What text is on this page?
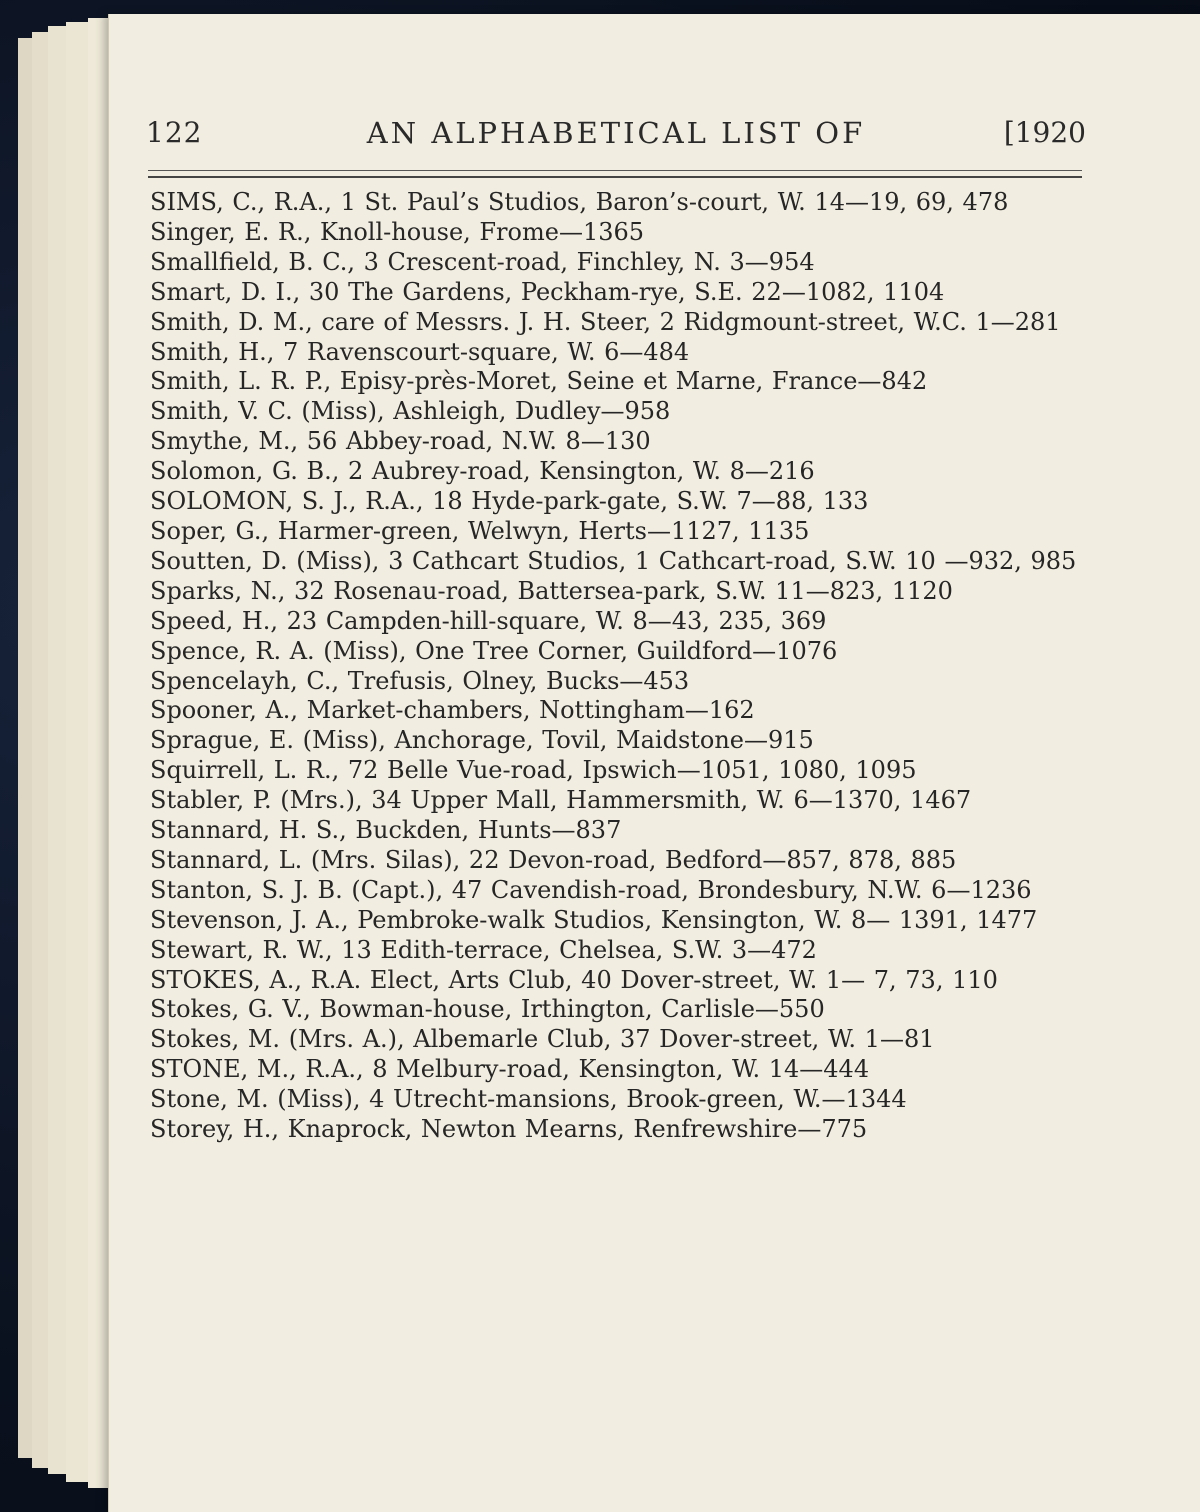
122	AN ALPHABETICAL LIST OF	[1920
SIMS, C., R.A., 1 St. Paul’s Studios, Baron’s-court, W. 14—19, 69, 478
Singer, E. R., Knoll-house, Frome—1365
Smallfield, B. C., 3 Crescent-road, Finchley, N. 3—954
Smart, D. I., 30 The Gardens, Peckham-rye, S.E. 22—1082, 1104
Smith, D. M., care of Messrs. J. H. Steer, 2 Ridgmount-street, W.C. 1—281
Smith, H., 7 Ravenscourt-square, W. 6—484
Smith, L. R. P., Episy-près-Moret, Seine et Marne, France—842
Smith, V. C. (Miss), Ashleigh, Dudley—958
Smythe, M., 56 Abbey-road, N.W. 8—130
Solomon, G. B., 2 Aubrey-road, Kensington, W. 8—216
SOLOMON, S. J., R.A., 18 Hyde-park-gate, S.W. 7—88, 133
Soper, G., Harmer-green, Welwyn, Herts—1127, 1135
Soutten, D. (Miss), 3 Cathcart Studios, 1 Cathcart-road, S.W. 10 —932, 985
Sparks, N., 32 Rosenau-road, Battersea-park, S.W. 11—823, 1120
Speed, H., 23 Campden-hill-square, W. 8—43, 235, 369
Spence, R. A. (Miss), One Tree Corner, Guildford—1076
Spencelayh, C., Trefusis, Olney, Bucks—453
Spooner, A., Market-chambers, Nottingham—162
Sprague, E. (Miss), Anchorage, Tovil, Maidstone—915
Squirrell, L. R., 72 Belle Vue-road, Ipswich—1051, 1080, 1095
Stabler, P. (Mrs.), 34 Upper Mall, Hammersmith, W. 6—1370, 1467
Stannard, H. S., Buckden, Hunts—837
Stannard, L. (Mrs. Silas), 22 Devon-road, Bedford—857, 878, 885
Stanton, S. J. B. (Capt.), 47 Cavendish-road, Brondesbury, N.W. 6—1236
Stevenson, J. A., Pembroke-walk Studios, Kensington, W. 8— 1391, 1477
Stewart, R. W., 13 Edith-terrace, Chelsea, S.W. 3—472
STOKES, A., R.A. Elect, Arts Club, 40 Dover-street, W. 1— 7, 73, 110
Stokes, G. V., Bowman-house, Irthington, Carlisle—550
Stokes, M. (Mrs. A.), Albemarle Club, 37 Dover-street, W. 1—81
STONE, M., R.A., 8 Melbury-road, Kensington, W. 14—444
Stone, M. (Miss), 4 Utrecht-mansions, Brook-green, W.—1344
Storey, H., Knaprock, Newton Mearns, Renfrewshire—775
